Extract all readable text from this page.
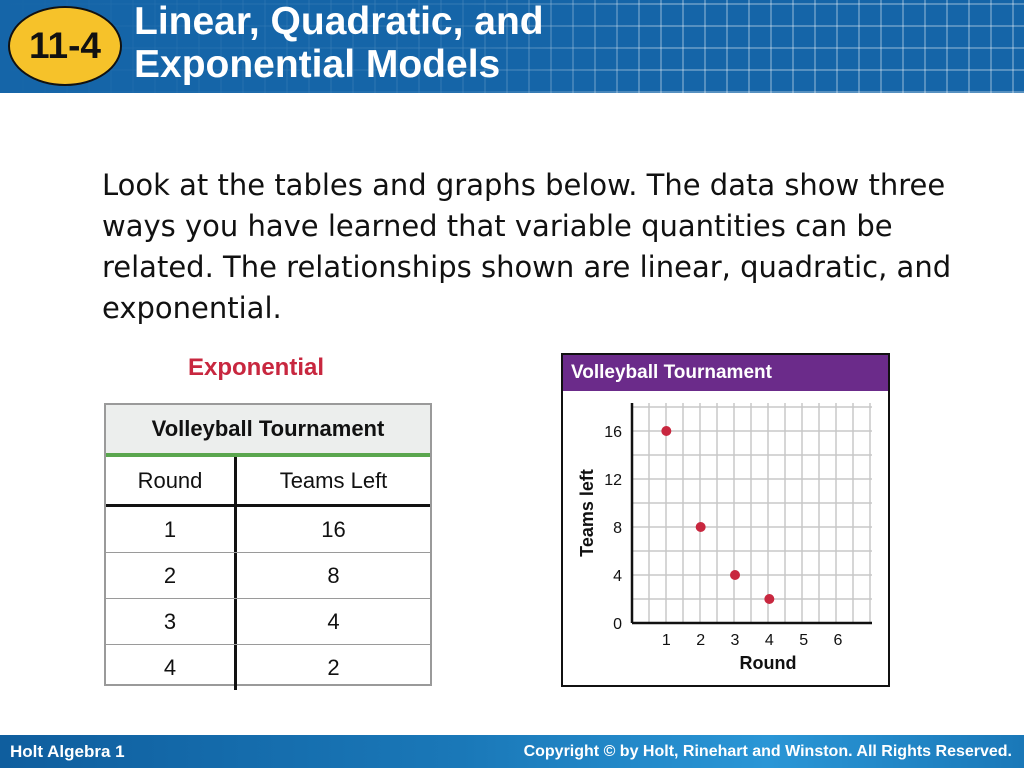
11-4
Linear, Quadratic, and
Exponential Models
Look at the tables and graphs below. The data show three ways you have learned that variable quantities can be related. The relationships shown are linear, quadratic, and exponential.
Exponential
Volleyball Tournament
Round	Teams Left
1	16
2	8
3	4
4	2
Volleyball Tournament
0
4
8
12
16
1 2 3 4 5 6
Round
Teams left
Holt Algebra 1	Copyright © by Holt, Rinehart and Winston. All Rights Reserved.
